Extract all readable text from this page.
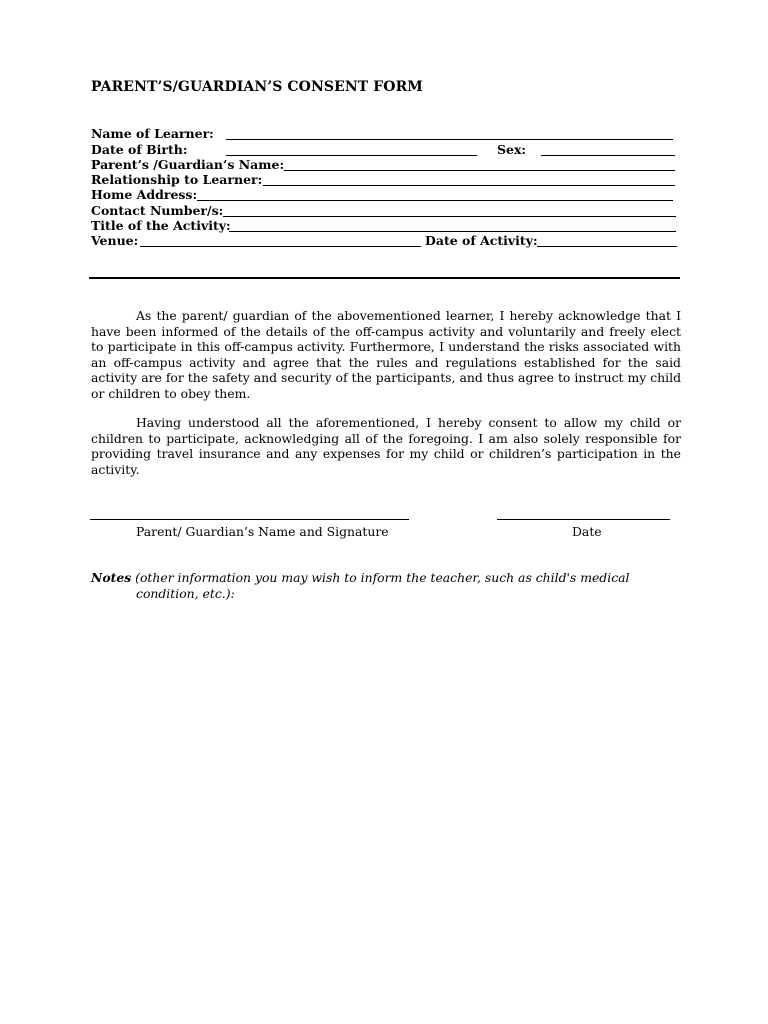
PARENT’S/GUARDIAN’S CONSENT FORM
Name of Learner:
Date of Birth:	Sex:
Parent’s /Guardian’s Name:
Relationship to Learner:
Home Address:
Contact Number/s:
Title of the Activity:
Venue:	Date of Activity:
As the parent/ guardian of the abovementioned learner, I hereby acknowledge that I have been informed of the details of the off-campus activity and voluntarily and freely elect to participate in this off-campus activity. Furthermore, I understand the risks associated with an off-campus activity and agree that the rules and regulations established for the said activity are for the safety and security of the participants, and thus agree to instruct my child or children to obey them.
Having understood all the aforementioned, I hereby consent to allow my child or children to participate, acknowledging all of the foregoing. I am also solely responsible for providing travel insurance and any expenses for my child or children’s participation in the activity.
Parent/ Guardian’s Name and Signature	Date
Notes (other information you may wish to inform the teacher, such as child's medical
condition, etc.):
